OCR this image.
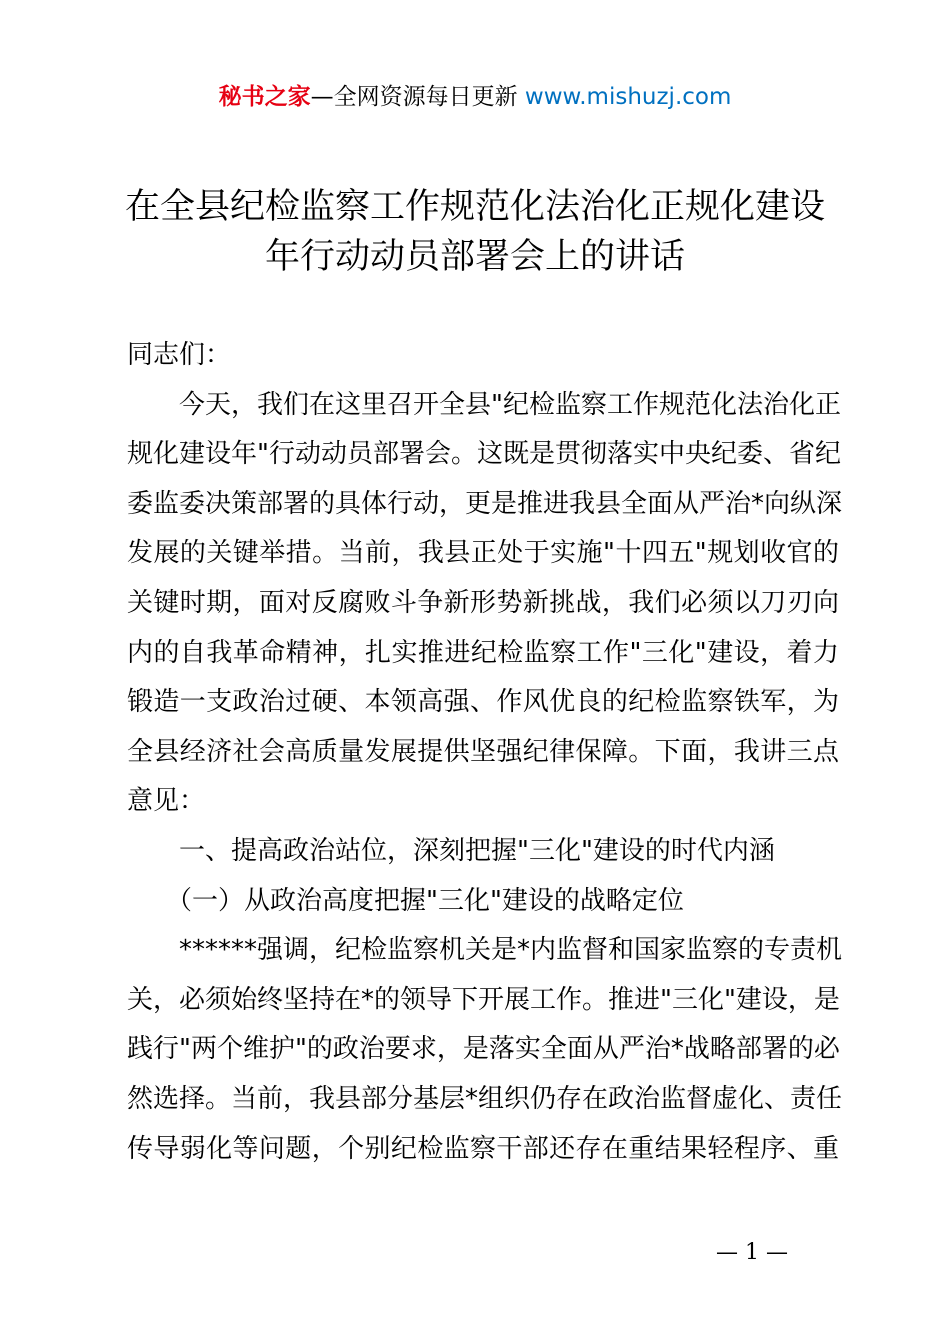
秘书之家—全网资源每日更新 www.mishuzj.com
在全县纪检监察工作规范化法治化正规化建设
年行动动员部署会上的讲话
同志们：
　　今天，我们在这里召开全县"纪检监察工作规范化法治化正
规化建设年"行动动员部署会。这既是贯彻落实中央纪委、省纪
委监委决策部署的具体行动，更是推进我县全面从严治*向纵深
发展的关键举措。当前，我县正处于实施"十四五"规划收官的
关键时期，面对反腐败斗争新形势新挑战，我们必须以刀刃向
内的自我革命精神，扎实推进纪检监察工作"三化"建设，着力
锻造一支政治过硬、本领高强、作风优良的纪检监察铁军，为
全县经济社会高质量发展提供坚强纪律保障。下面，我讲三点
意见：
　　一、提高政治站位，深刻把握"三化"建设的时代内涵
　　（一）从政治高度把握"三化"建设的战略定位
　　******强调，纪检监察机关是*内监督和国家监察的专责机
关，必须始终坚持在*的领导下开展工作。推进"三化"建设，是
践行"两个维护"的政治要求，是落实全面从严治*战略部署的必
然选择。当前，我县部分基层*组织仍存在政治监督虚化、责任
传导弱化等问题，个别纪检监察干部还存在重结果轻程序、重
— 1 —
